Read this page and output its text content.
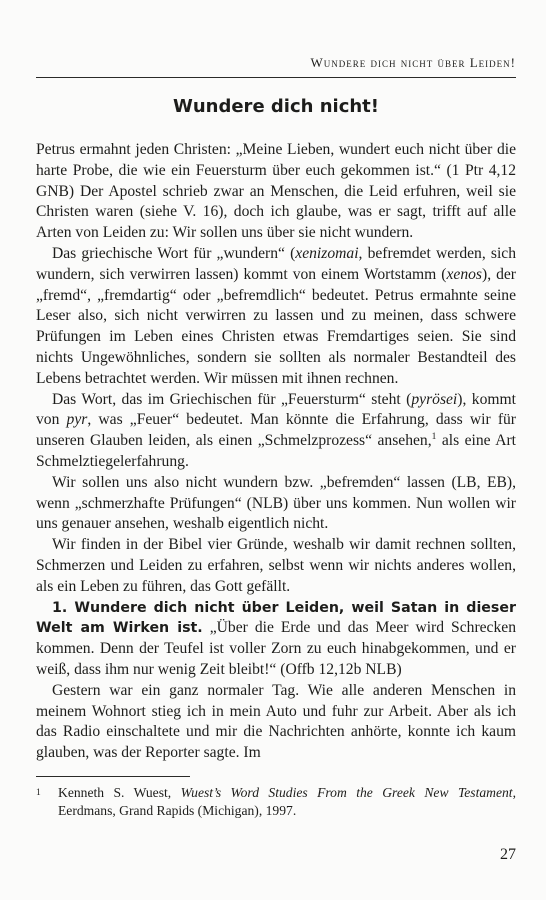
Wundere dich nicht über Leiden!
Wundere dich nicht!

Petrus ermahnt jeden Christen: „Meine Lieben, wundert euch nicht über die harte Probe, die wie ein Feuersturm über euch gekommen ist.“ (1 Ptr 4,12 GNB) Der Apostel schrieb zwar an Menschen, die Leid erfuhren, weil sie Christen waren (siehe V. 16), doch ich glaube, was er sagt, trifft auf alle Arten von Leiden zu: Wir sollen uns über sie nicht wundern.

Das griechische Wort für „wundern“ (xenizomai, befremdet werden, sich wundern, sich verwirren lassen) kommt von einem Wortstamm (xenos), der „fremd“, „fremdartig“ oder „befremdlich“ bedeutet. Petrus ermahnte seine Leser also, sich nicht verwirren zu lassen und zu meinen, dass schwere Prüfungen im Leben eines Christen etwas Fremdartiges seien. Sie sind nichts Ungewöhnliches, sondern sie sollten als normaler Bestandteil des Lebens betrachtet werden. Wir müssen mit ihnen rechnen.

Das Wort, das im Griechischen für „Feuersturm“ steht (pyrösei), kommt von pyr, was „Feuer“ bedeutet. Man könnte die Erfahrung, dass wir für unseren Glauben leiden, als einen „Schmelzprozess“ ansehen,$^1$ als eine Art Schmelztiegelerfahrung.

Wir sollen uns also nicht wundern bzw. „befremden“ lassen (LB, EB), wenn „schmerzhafte Prüfungen“ (NLB) über uns kommen. Nun wollen wir uns genauer ansehen, weshalb eigentlich nicht.

Wir finden in der Bibel vier Gründe, weshalb wir damit rechnen sollten, Schmerzen und Leiden zu erfahren, selbst wenn wir nichts anderes wollen, als ein Leben zu führen, das Gott gefällt.

1. Wundere dich nicht über Leiden, weil Satan in dieser Welt am Wirken ist. „Über die Erde und das Meer wird Schrecken kommen. Denn der Teufel ist voller Zorn zu euch hinabgekommen, und er weiß, dass ihm nur wenig Zeit bleibt!“ (Offb 12,12b NLB)

Gestern war ein ganz normaler Tag. Wie alle anderen Menschen in meinem Wohnort stieg ich in mein Auto und fuhr zur Arbeit. Aber als ich das Radio einschaltete und mir die Nachrichten anhörte, konnte ich kaum glauben, was der Reporter sagte. Im

1 Kenneth S. Wuest, Wuest’s Word Studies From the Greek New Testament, Eerdmans, Grand Rapids (Michigan), 1997.
27
